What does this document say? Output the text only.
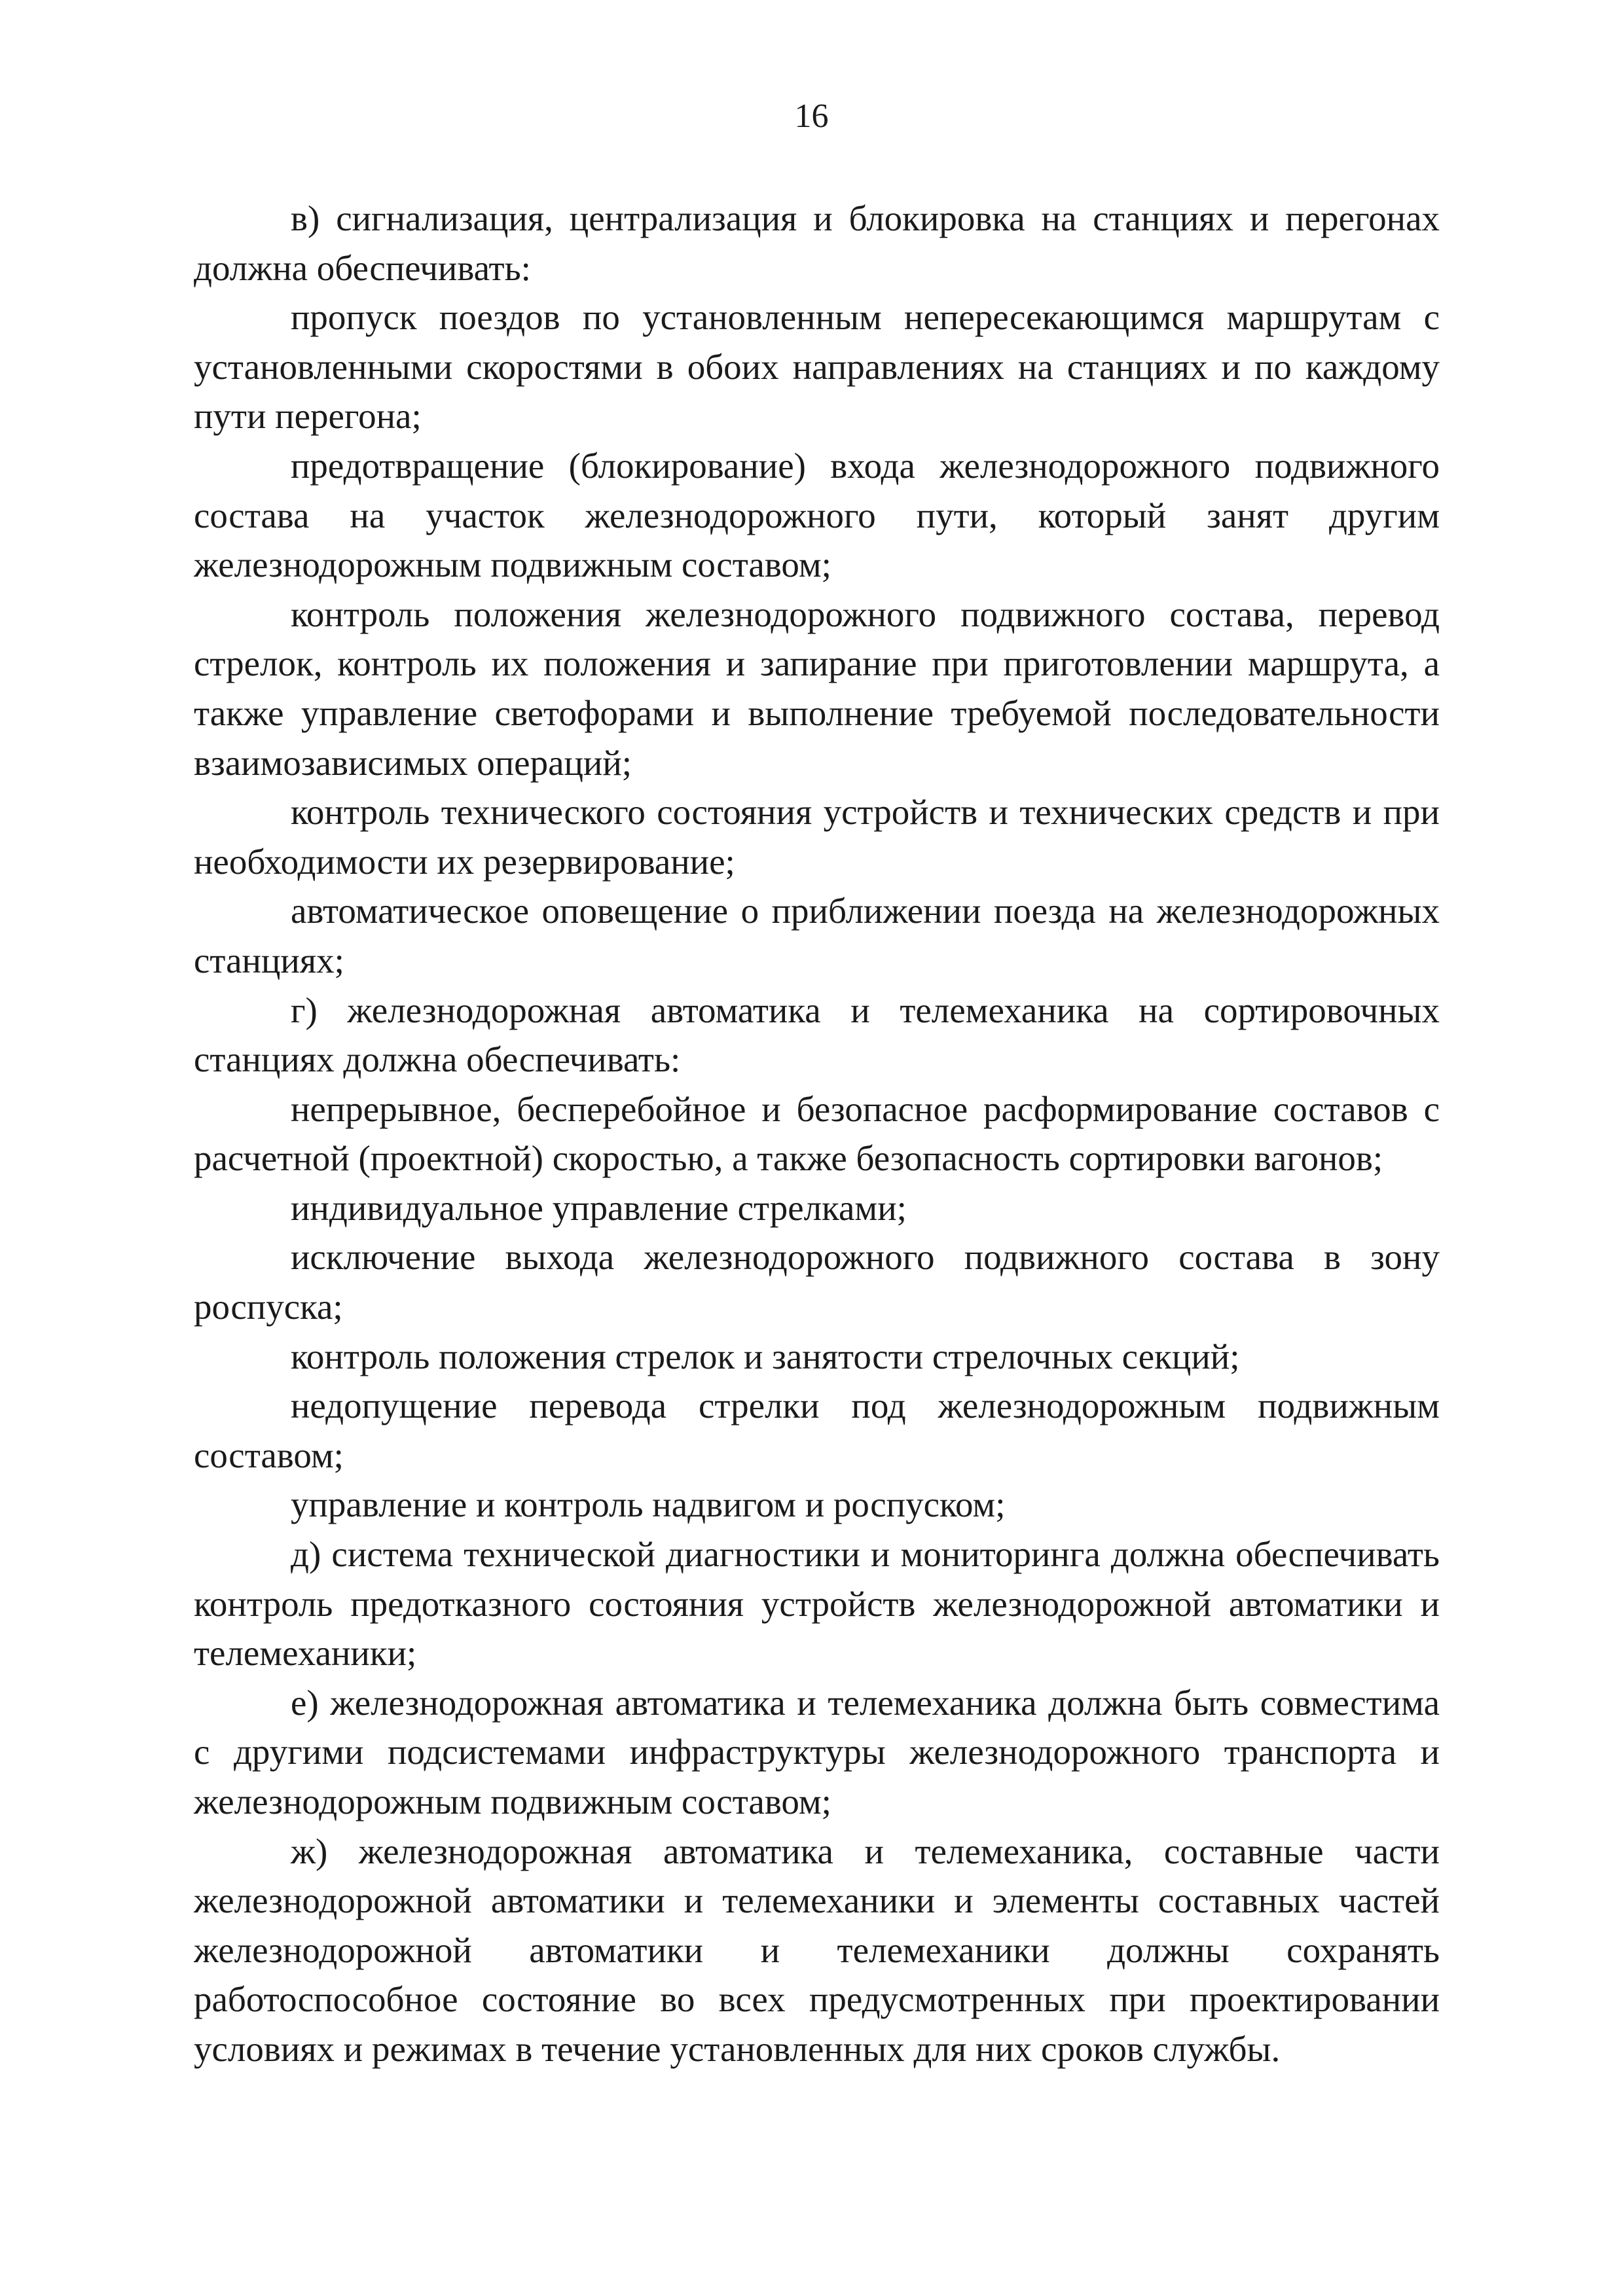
16

в) сигнализация, централизация и блокировка на станциях и перегонах должна обеспечивать:

пропуск поездов по установленным непересекающимся маршрутам с установленными скоростями в обоих направлениях на станциях и по каждому пути перегона;

предотвращение (блокирование) входа железнодорожного подвижного состава на участок железнодорожного пути, который занят другим железнодорожным подвижным составом;

контроль положения железнодорожного подвижного состава, перевод стрелок, контроль их положения и запирание при приготовлении маршрута, а также управление светофорами и выполнение требуемой последовательности взаимозависимых операций;

контроль технического состояния устройств и технических средств и при необходимости их резервирование;

автоматическое оповещение о приближении поезда на железнодорожных станциях;

г) железнодорожная автоматика и телемеханика на сортировочных станциях должна обеспечивать:

непрерывное, бесперебойное и безопасное расформирование составов с расчетной (проектной) скоростью, а также безопасность сортировки вагонов;

индивидуальное управление стрелками;

исключение выхода железнодорожного подвижного состава в зону роспуска;

контроль положения стрелок и занятости стрелочных секций;

недопущение перевода стрелки под железнодорожным подвижным составом;

управление и контроль надвигом и роспуском;

д) система технической диагностики и мониторинга должна обеспечивать контроль предотказного состояния устройств железнодорожной автоматики и телемеханики;

е) железнодорожная автоматика и телемеханика должна быть совместима с другими подсистемами инфраструктуры железнодорожного транспорта и железнодорожным подвижным составом;

ж) железнодорожная автоматика и телемеханика, составные части железнодорожной автоматики и телемеханики и элементы составных частей железнодорожной автоматики и телемеханики должны сохранять работоспособное состояние во всех предусмотренных при проектировании условиях и режимах в течение установленных для них сроков службы.
